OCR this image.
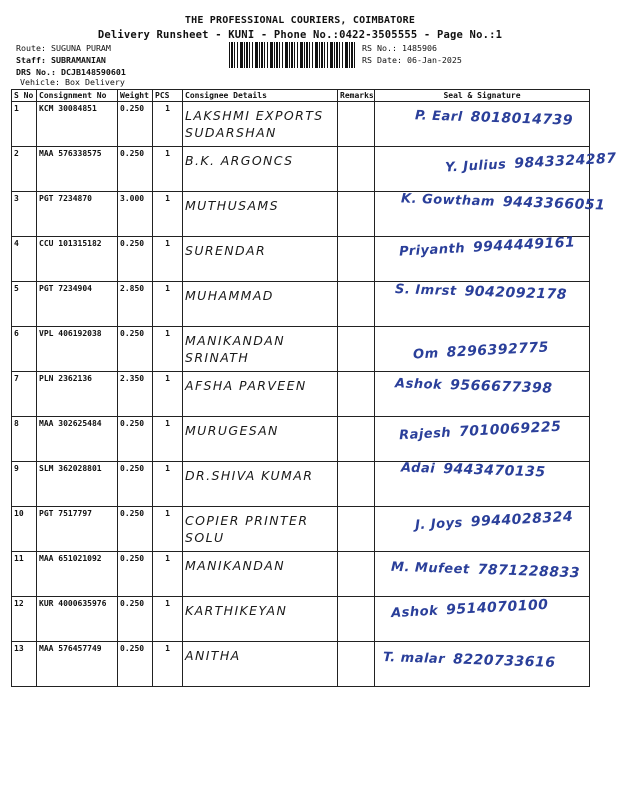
THE PROFESSIONAL COURIERS, COIMBATORE
Delivery Runsheet - KUNI - Phone No.:0422-3505555 - Page No.:1
Route: SUGUNA PURAM
Staff: SUBRAMANIAN
DRS No.: DCJB148590601
Vehicle: Box Delivery
RS No.: 1485906
RS Date: 06-Jan-2025
S No	Consignment No	Weight	PCS	Consignee Details	Remarks	Seal & Signature
1	KCM 30084851	0.250	1	LAKSHMI EXPORTS SUDARSHAN		P. Earl 8018014739

2	MAA 576338575	0.250	1	B.K. ARGONCS		Y. Julius 9843324287

3	PGT 7234870	3.000	1	MUTHUSAMS		K. Gowtham 9443366051

4	CCU 101315182	0.250	1	SURENDAR		Priyanth 9944449161

5	PGT 7234904	2.850	1	MUHAMMAD		S. Imrst 9042092178

6	VPL 406192038	0.250	1	MANIKANDAN SRINATH		Om 8296392775

7	PLN 2362136	2.350	1	AFSHA PARVEEN		Ashok 9566677398

8	MAA 302625484	0.250	1	MURUGESAN		Rajesh 7010069225

9	SLM 362028801	0.250	1	DR.SHIVA KUMAR		Adai 9443470135

10	PGT 7517797	0.250	1	COPIER PRINTER SOLU		J. Joys 9944028324

11	MAA 651021092	0.250	1	MANIKANDAN		M. Mufeet 7871228833

12	KUR 4000635976	0.250	1	KARTHIKEYAN		Ashok 9514070100

13	MAA 576457749	0.250	1	ANITHA		T. malar 8220733616
